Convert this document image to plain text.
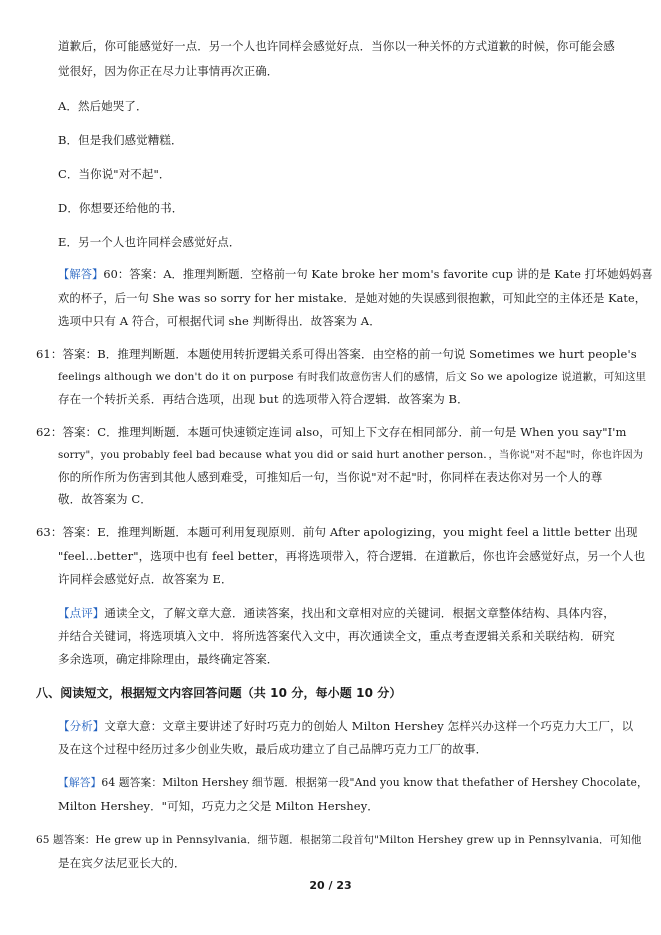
道歉后，你可能感觉好一点．另一个人也许同样会感觉好点．当你以一种关怀的方式道歉的时候，你可能会感
觉很好，因为你正在尽力让事情再次正确．
A．然后她哭了．
B．但是我们感觉糟糕．
C．当你说"对不起"．
D．你想要还给他的书．
E．另一个人也许同样会感觉好点．
【解答】60：答案：A．推理判断题．空格前一句 Kate broke her mom's favorite cup 讲的是 Kate 打坏她妈妈喜
欢的杯子，后一句 She was so sorry for her mistake．是她对她的失误感到很抱歉，可知此空的主体还是 Kate，
选项中只有 A 符合，可根据代词 she 判断得出．故答案为 A．
61：答案：B．推理判断题．本题使用转折逻辑关系可得出答案．由空格的前一句说 Sometimes we hurt people's
feelings although we don't do it on purpose 有时我们故意伤害人们的感情，后文 So we apologize 说道歉，可知这里
存在一个转折关系．再结合选项，出现 but 的选项带入符合逻辑．故答案为 B．
62：答案：C．推理判断题．本题可快速锁定连词 also，可知上下文存在相同部分．前一句是 When you say"I'm
sorry"，you probably feel bad because what you did or said hurt another person．，当你说"对不起"时，你也许因为
你的所作所为伤害到其他人感到难受，可推知后一句，当你说"对不起"时，你同样在表达你对另一个人的尊
敬．故答案为 C．
63：答案：E．推理判断题．本题可利用复现原则．前句 After apologizing，you might feel a little better 出现
"feel…better"，选项中也有 feel better，再将选项带入，符合逻辑．在道歉后，你也许会感觉好点，另一个人也
许同样会感觉好点．故答案为 E．
【点评】通读全文，了解文章大意．通读答案，找出和文章相对应的关键词．根据文章整体结构、具体内容，
并结合关键词，将选项填入文中．将所选答案代入文中，再次通读全文，重点考查逻辑关系和关联结构．研究
多余选项，确定排除理由，最终确定答案．
八、阅读短文，根据短文内容回答问题（共 10 分，每小题 10 分）
【分析】文章大意：文章主要讲述了好时巧克力的创始人 Milton Hershey 怎样兴办这样一个巧克力大工厂，以
及在这个过程中经历过多少创业失败，最后成功建立了自己品牌巧克力工厂的故事．
【解答】64 题答案：Milton Hershey 细节题．根据第一段"And you know that thefather of Hershey Chocolate，
Milton Hershey．"可知，巧克力之父是 Milton Hershey．
65 题答案：He grew up in Pennsylvania．细节题．根据第二段首句"Milton Hershey grew up in Pennsylvania．可知他
是在宾夕法尼亚长大的．
20 / 23
